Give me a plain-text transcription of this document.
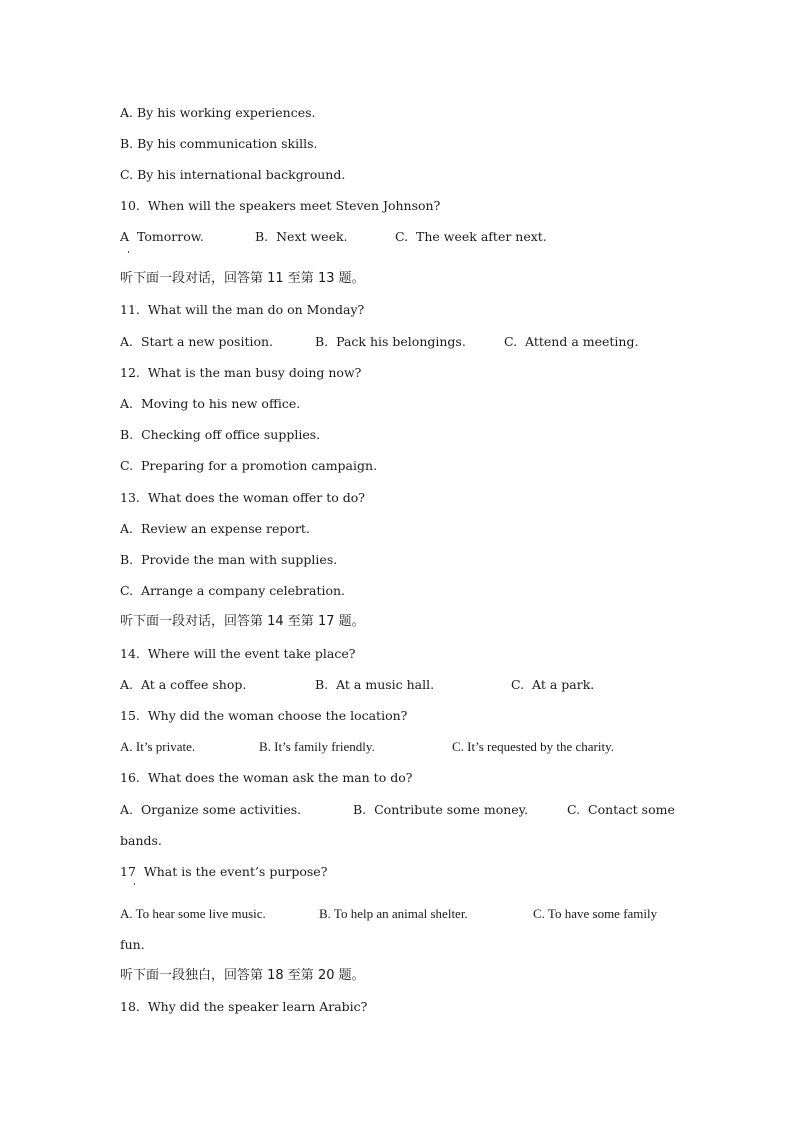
A. By his working experiences.
B. By his communication skills.
C. By his international background.
10.  When will the speakers meet Steven Johnson?

A  Tomorrow.

	B.  Next week.

	C.  The week after next.

听下面一段对话，回答第 11 至第 13 题。
11.  What will the man do on Monday?

A.  Start a new position.

	B.  Pack his belongings.

	C.  Attend a meeting.

12.  What is the man busy doing now?
A.  Moving to his new office.
B.  Checking off office supplies.
C.  Preparing for a promotion campaign.
13.  What does the woman offer to do?
A.  Review an expense report.
B.  Provide the man with supplies.
C.  Arrange a company celebration.
听下面一段对话，回答第 14 至第 17 题。
14.  Where will the event take place?

A.  At a coffee shop.

	B.  At a music hall.

	C.  At a park.

15.  Why did the woman choose the location?

A. It’s private.

	B. It’s family friendly.

	C. It’s requested by the charity.

16.  What does the woman ask the man to do?

A.  Organize some activities.

	B.  Contribute some money.

	C.  Contact some

bands.
17  What is the event’s purpose?

A. To hear some live music.

	B. To help an animal shelter.

	C. To have some family

fun.
听下面一段独白，回答第 18 至第 20 题。
18.  Why did the speaker learn Arabic?
